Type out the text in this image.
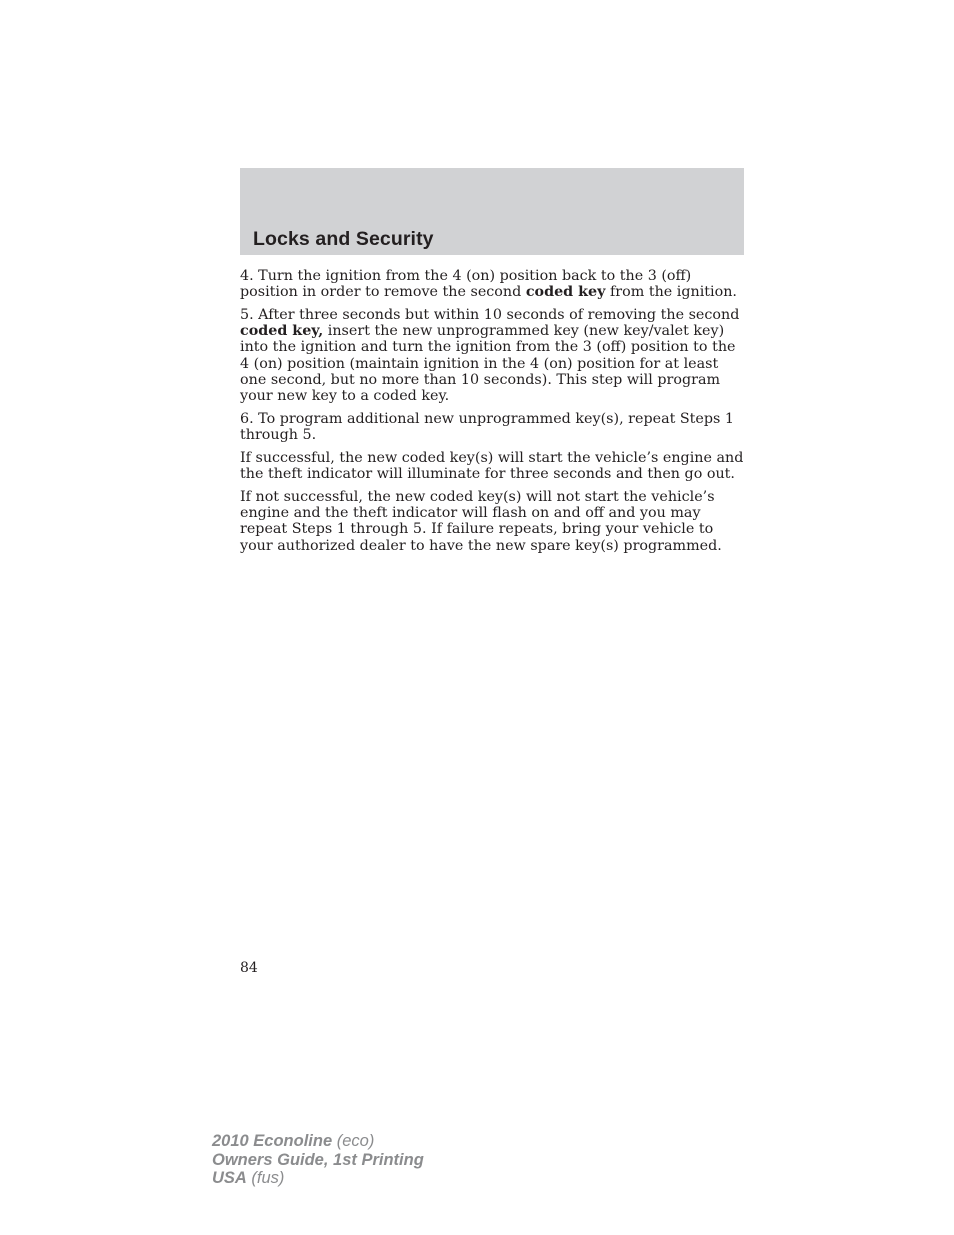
Locks and Security

4. Turn the ignition from the 4 (on) position back to the 3 (off) position in order to remove the second coded key from the ignition.

5. After three seconds but within 10 seconds of removing the second coded key, insert the new unprogrammed key (new key/valet key) into the ignition and turn the ignition from the 3 (off) position to the 4 (on) position (maintain ignition in the 4 (on) position for at least one second, but no more than 10 seconds). This step will program your new key to a coded key.

6. To program additional new unprogrammed key(s), repeat Steps 1 through 5.

If successful, the new coded key(s) will start the vehicle’s engine and the theft indicator will illuminate for three seconds and then go out.

If not successful, the new coded key(s) will not start the vehicle’s engine and the theft indicator will flash on and off and you may repeat Steps 1 through 5. If failure repeats, bring your vehicle to your authorized dealer to have the new spare key(s) programmed.

84
2010 Econoline (eco)
Owners Guide, 1st Printing
USA (fus)
